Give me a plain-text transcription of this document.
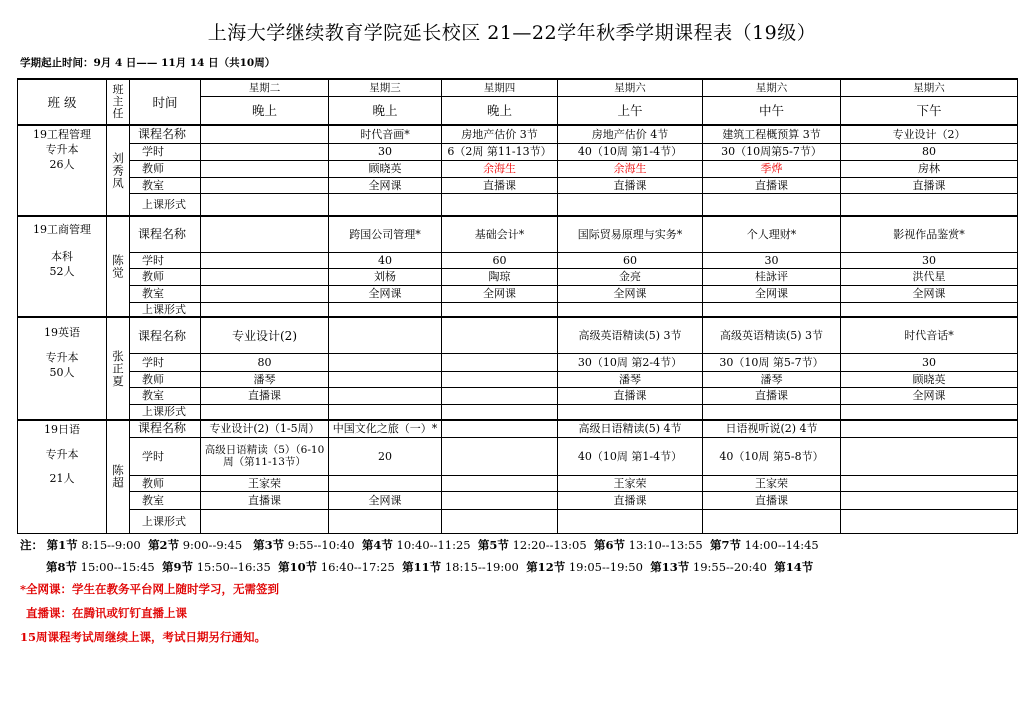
上海大学继续教育学院延长校区 21—22学年秋季学期课程表（19级）
学期起止时间：9月 4 日—— 11月 14 日（共10周）
班 级	班主任	时间	星期二	星期三	星期四	星期六	星期六	星期六
			晚上	晚上	晚上	上午	中午	下午

19工程管理
专升本
26人	刘秀凤	课程名称		时代音画*	房地产估价 3节	房地产估价 4节	建筑工程概预算 3节	专业设计（2）
		学时		30	6（2周 第11-13节）	40（10周 第1-4节）	30（10周第5-7节）	80
		教师		顾晓英	余海生	余海生	季烨	房林
		教室		全网课	直播课	直播课	直播课	直播课
		上课形式						

19工商管理
本科
52人	陈觉	课程名称		跨国公司管理*	基础会计*	国际贸易原理与实务*	个人理财*	影视作品鉴赏*
		学时		40	60	60	30	30
		教师		刘杨	陶琼	金亮	桂詠评	洪代星
		教室		全网课	全网课	全网课	全网课	全网课
		上课形式						

19英语
专升本
50人	张正夏	课程名称	专业设计(2)			高级英语精读(5) 3节	高级英语精读(5) 3节	时代音话*
		学时	80			30（10周 第2-4节）	30（10周 第5-7节）	30
		教师	潘琴			潘琴	潘琴	顾晓英
		教室	直播课			直播课	直播课	全网课
		上课形式						

19日语
专升本
21人	陈超	课程名称	专业设计(2)（1-5周）	中国文化之旅（一）*		高级日语精读(5) 4节	日语视听说(2) 4节	
		学时	高级日语精读（5）（6-10周（第11-13节）	20		40（10周 第1-4节）	40（10周 第5-8节）	
		教师	王家荣			王家荣	王家荣	
		教室	直播课	全网课		直播课	直播课	
		上课形式						
注： 第1节 8:15--9:00 第2节 9:00--9:45 第3节 9:55--10:40 第4节 10:40--11:25 第5节 12:20--13:05 第6节 13:10--13:55 第7节 14:00--14:45
第8节 15:00--15:45 第9节 15:50--16:35 第10节 16:40--17:25 第11节 18:15--19:00 第12节 19:05--19:50 第13节 19:55--20:40 第14节
*全网课：学生在教务平台网上随时学习，无需签到
直播课：在腾讯或钉钉直播上课
15周课程考试周继续上课，考试日期另行通知。
